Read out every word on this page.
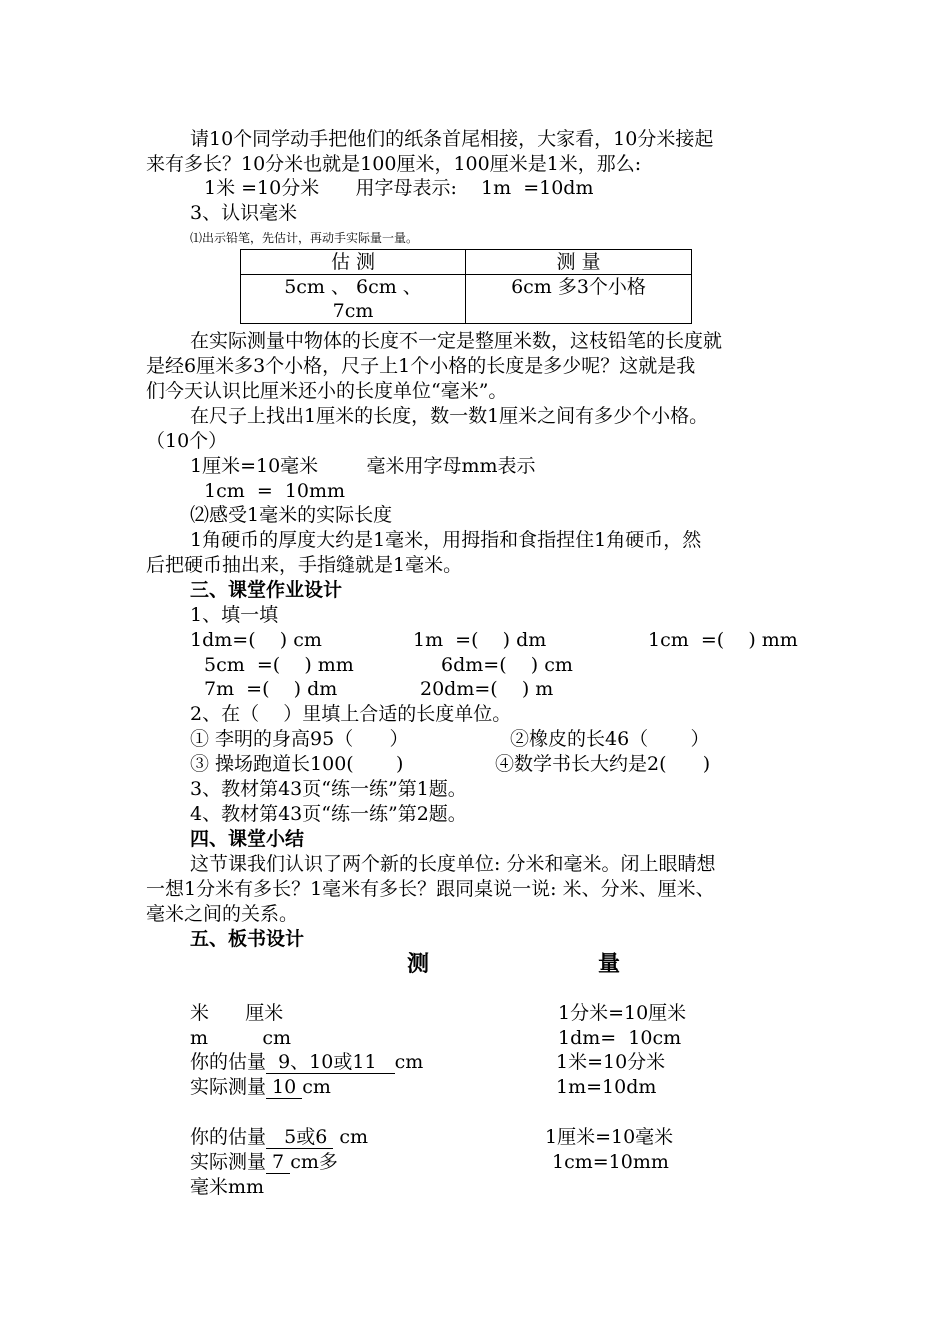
请10个同学动手把他们的纸条首尾相接，大家看，10分米接起
来有多长？10分米也就是100厘米，100厘米是1米，那么:
1米 =10分米      用字母表示:    1m  =10dm
3、认识毫米
⑴出示铅笔，先估计，再动手实际量一量。
估 测	测 量

5cm 、 6cm 、
7cm	6cm 多3个小格
在实际测量中物体的长度不一定是整厘米数，这枝铅笔的长度就
是经6厘米多3个小格，尺子上1个小格的长度是多少呢？这就是我
们今天认识比厘米还小的长度单位“毫米”。
在尺子上找出1厘米的长度，数一数1厘米之间有多少个小格。
（10个）
1厘米=10毫米        毫米用字母mm表示
1cm  =  10mm
⑵感受1毫米的实际长度
1角硬币的厚度大约是1毫米，用拇指和食指捏住1角硬币，然
后把硬币抽出来，手指缝就是1毫米。
三、课堂作业设计
1、填一填
1dm=(    ) cm	1m  =(    ) dm	1cm  =(    ) mm
5cm  =(    ) mm	6dm=(    ) cm
7m  =(    ) dm	20dm=(    ) m
2、在（    ）里填上合适的长度单位。
① 李明的身高95（      ）	②橡皮的长46（       ）
③ 操场跑道长100(       )	④数学书长大约是2(      )
3、教材第43页“练一练”第1题。
4、教材第43页“练一练”第2题。
四、课堂小结
这节课我们认识了两个新的长度单位: 分米和毫米。闭上眼睛想
一想1分米有多长？1毫米有多长？跟同桌说一说: 米、分米、厘米、
毫米之间的关系。
五、板书设计
测	量
米      厘米
m         cm
你的估量  9、10或11   cm
实际测量 10 cm
你的估量   5或6  cm
实际测量 7 cm多
毫米mm
1分米=10厘米
1dm=  10cm
1米=10分米
1m=10dm
1厘米=10毫米
1cm=10mm
